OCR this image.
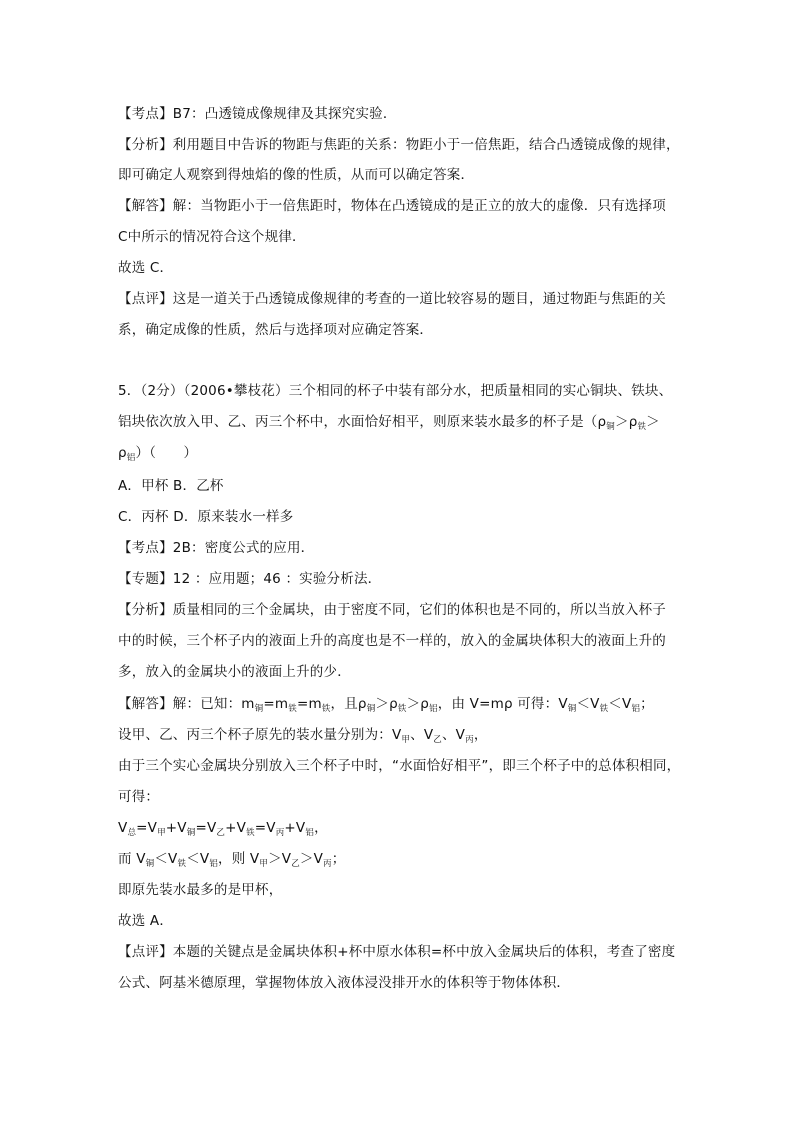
【考点】B7：凸透镜成像规律及其探究实验．
【分析】利用题目中告诉的物距与焦距的关系：物距小于一倍焦距，结合凸透镜成像的规律，
即可确定人观察到得烛焰的像的性质，从而可以确定答案．
【解答】解：当物距小于一倍焦距时，物体在凸透镜成的是正立的放大的虚像．只有选择项
C中所示的情况符合这个规律．
故选 C．
【点评】这是一道关于凸透镜成像规律的考查的一道比较容易的题目，通过物距与焦距的关
系，确定成像的性质，然后与选择项对应确定答案．
5．（2分）（2006•攀枝花）三个相同的杯子中装有部分水，把质量相同的实心铜块、铁块、
铝块依次放入甲、乙、丙三个杯中，水面恰好相平，则原来装水最多的杯子是（$\rho_铜>\rho_铁>$
$\rho_铝$）（　　）
A．甲杯 B．乙杯
C．丙杯 D．原来装水一样多
【考点】2B：密度公式的应用．
【专题】12 ：应用题；46 ：实验分析法．
【分析】质量相同的三个金属块，由于密度不同，它们的体积也是不同的，所以当放入杯子
中的时候，三个杯子内的液面上升的高度也是不一样的，放入的金属块体积大的液面上升的
多，放入的金属块小的液面上升的少．
【解答】解：已知：$m_铜=m_铁=m_铁$，且$\rho_铜>\rho_铁>\rho_铝$，由 V=mρ 可得：$V_铜<V_铁<V_铝$；
设甲、乙、丙三个杯子原先的装水量分别为：$V_甲$、$V_乙$、$V_丙$，
由于三个实心金属块分别放入三个杯子中时，“水面恰好相平”，即三个杯子中的总体积相同，
可得：
$V_总=V_甲+V_铜=V_乙+V_铁=V_丙+V_铝$，
而 $V_铜<V_铁<V_铝$，则 $V_甲>V_乙>V_丙$；
即原先装水最多的是甲杯，
故选 A．
【点评】本题的关键点是金属块体积+杯中原水体积=杯中放入金属块后的体积，考查了密度
公式、阿基米德原理，掌握物体放入液体浸没排开水的体积等于物体体积．
